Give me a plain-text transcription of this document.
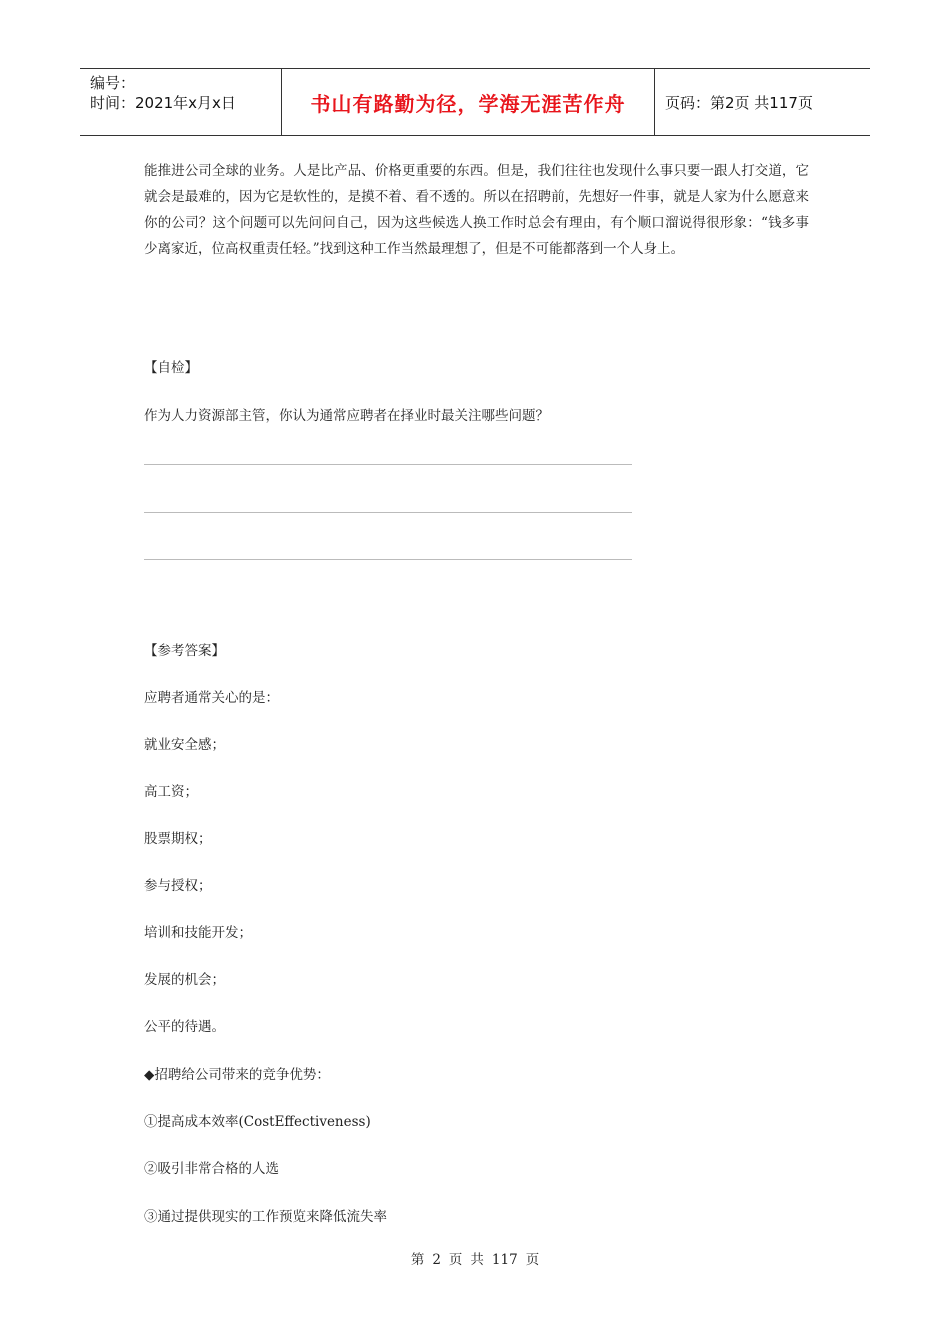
编号：
时间：2021年x月x日	书山有路勤为径，学海无涯苦作舟	页码：第2页 共117页

能推进公司全球的业务。人是比产品、价格更重要的东西。但是，我们往往也发现什么事只要一跟人打交道，它就会是最难的，因为它是软性的，是摸不着、看不透的。所以在招聘前，先想好一件事，就是人家为什么愿意来你的公司？这个问题可以先问问自己，因为这些候选人换工作时总会有理由，有个顺口溜说得很形象：“钱多事少离家近，位高权重责任轻。”找到这种工作当然最理想了，但是不可能都落到一个人身上。

【自检】
作为人力资源部主管，你认为通常应聘者在择业时最关注哪些问题？
【参考答案】
应聘者通常关心的是：
就业安全感；
高工资；
股票期权；
参与授权；
培训和技能开发；
发展的机会；
公平的待遇。
◆招聘给公司带来的竞争优势：
①提高成本效率(CostEffectiveness)
②吸引非常合格的人选
③通过提供现实的工作预览来降低流失率
第 2 页 共 117 页
